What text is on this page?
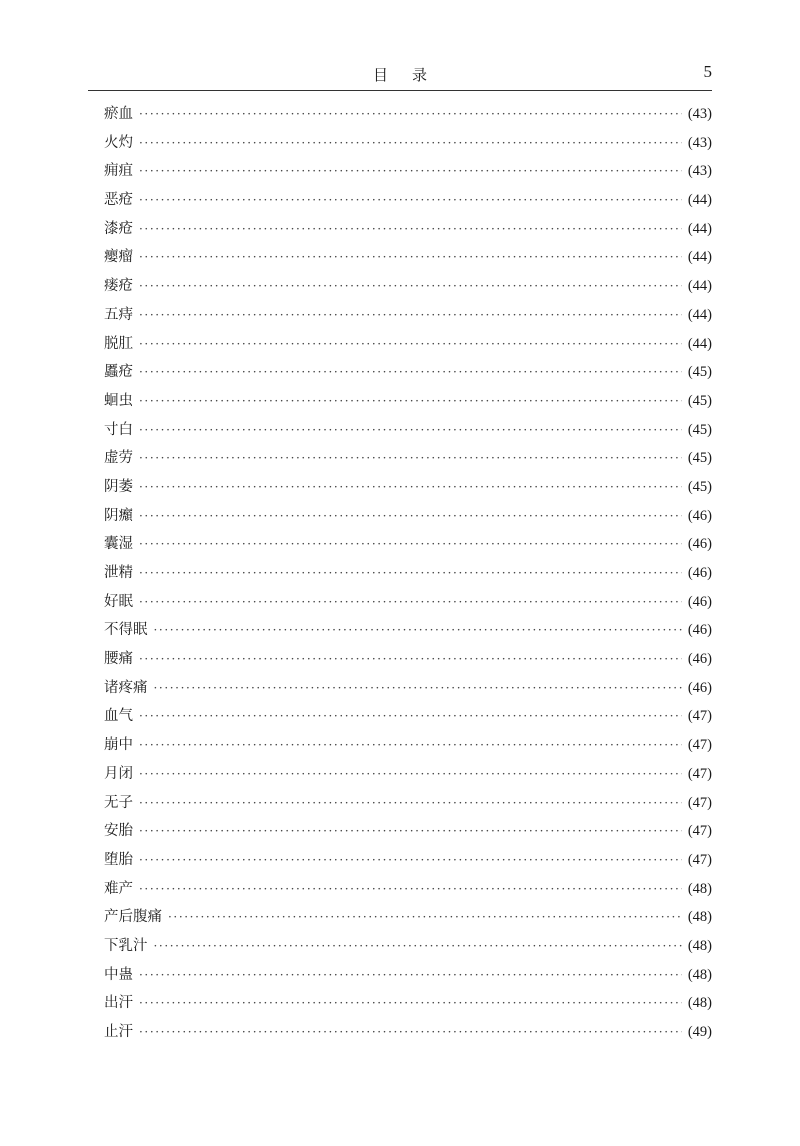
目录	5
瘀血 ·····	(43)
火灼 ·····	(43)
痈疽 ·····	(43)
恶疮 ·····	(44)
漆疮 ·····	(44)
瘿瘤 ·····	(44)
瘘疮 ·····	(44)
五痔 ·····	(44)
脱肛 ·····	(44)
䘌疮 ·····	(45)
蛔虫 ·····	(45)
寸白 ·····	(45)
虚劳 ·····	(45)
阴萎 ·····	(45)
阴㿗 ·····	(46)
囊湿 ·····	(46)
泄精 ·····	(46)
好眠 ·····	(46)
不得眠 ·····	(46)
腰痛 ·····	(46)
诸疼痛 ·····	(46)
血气 ·····	(47)
崩中 ·····	(47)
月闭 ·····	(47)
无子 ·····	(47)
安胎 ·····	(47)
堕胎 ·····	(47)
难产 ·····	(48)
产后腹痛 ·····	(48)
下乳汁 ·····	(48)
中蛊 ·····	(48)
出汗 ·····	(48)
止汗 ·····	(49)
